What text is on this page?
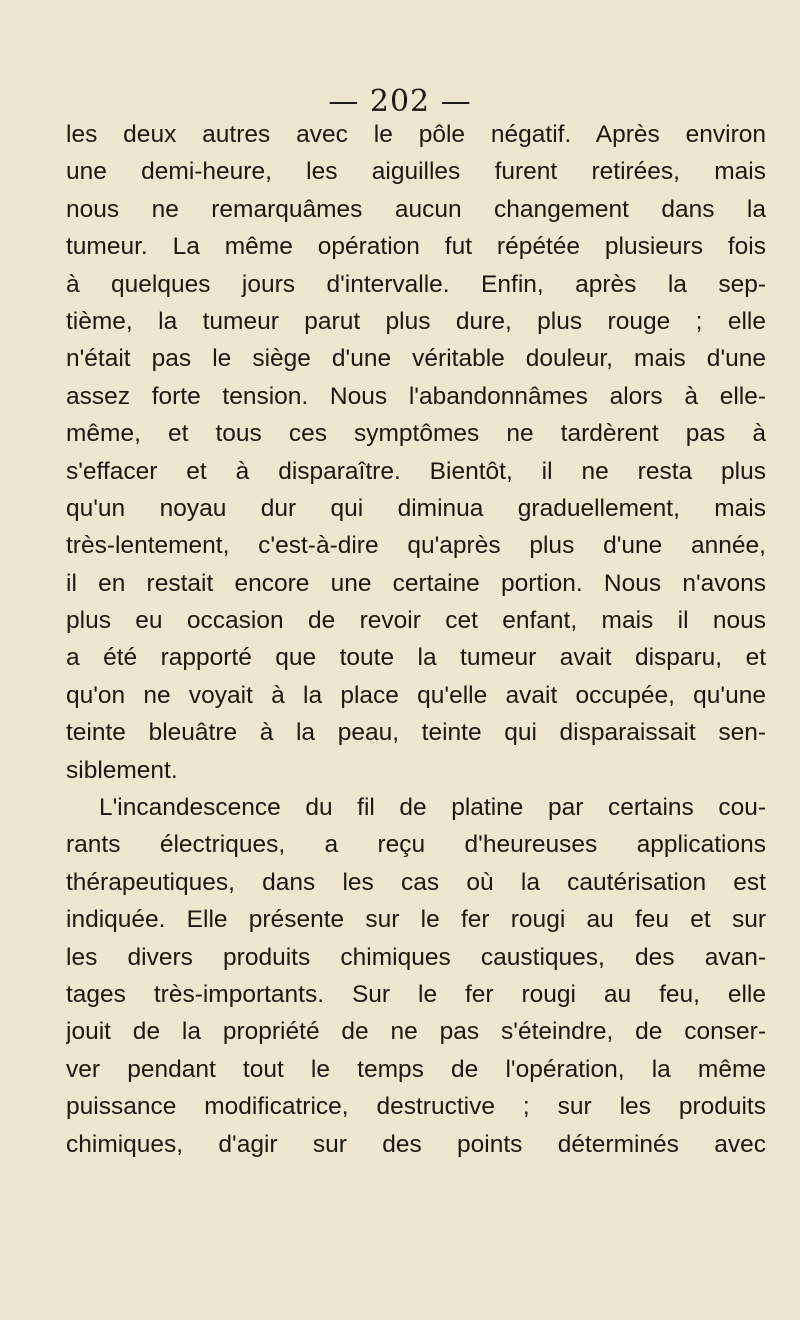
— 202 —
les deux autres avec le pôle négatif. Après environ
une demi-heure, les aiguilles furent retirées, mais
nous ne remarquâmes aucun changement dans la
tumeur. La même opération fut répétée plusieurs fois
à quelques jours d'intervalle. Enfin, après la sep-
tième, la tumeur parut plus dure, plus rouge ; elle
n'était pas le siège d'une véritable douleur, mais d'une
assez forte tension. Nous l'abandonnâmes alors à elle-
même, et tous ces symptômes ne tardèrent pas à
s'effacer et à disparaître. Bientôt, il ne resta plus
qu'un noyau dur qui diminua graduellement, mais
très-lentement, c'est-à-dire qu'après plus d'une année,
il en restait encore une certaine portion. Nous n'avons
plus eu occasion de revoir cet enfant, mais il nous
a été rapporté que toute la tumeur avait disparu, et
qu'on ne voyait à la place qu'elle avait occupée, qu'une
teinte bleuâtre à la peau, teinte qui disparaissait sen-
siblement.
L'incandescence du fil de platine par certains cou-
rants électriques, a reçu d'heureuses applications
thérapeutiques, dans les cas où la cautérisation est
indiquée. Elle présente sur le fer rougi au feu et sur
les divers produits chimiques caustiques, des avan-
tages très-importants. Sur le fer rougi au feu, elle
jouit de la propriété de ne pas s'éteindre, de conser-
ver pendant tout le temps de l'opération, la même
puissance modificatrice, destructive ; sur les produits
chimiques, d'agir sur des points déterminés avec
